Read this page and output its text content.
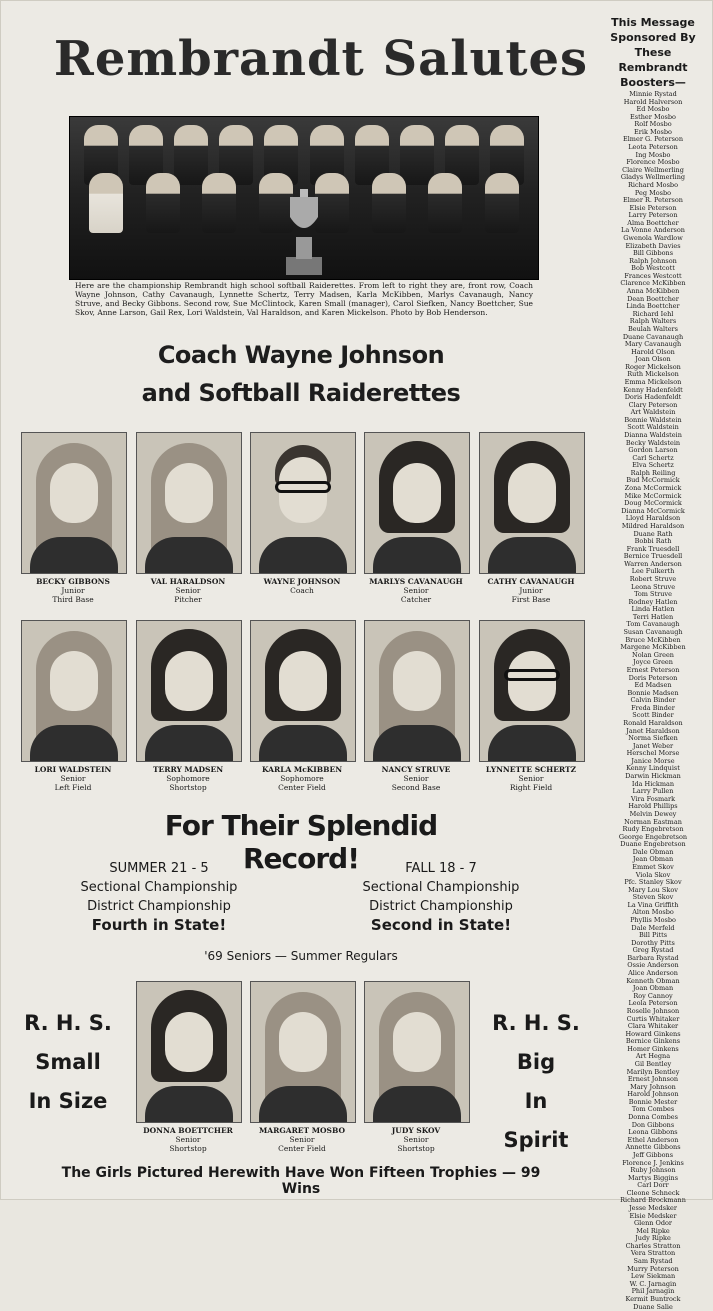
Rembrandt Salutes
Here are the championship Rembrandt high school softball Raiderettes. From left to right they are, front row, Coach Wayne Johnson, Cathy Cavanaugh, Lynnette Schertz, Terry Madsen, Karla McKibben, Marlys Cavanaugh, Nancy Struve, and Becky Gibbons. Second row, Sue McClintock, Karen Small (manager), Carol Siefken, Nancy Boettcher, Sue Skov, Anne Larson, Gail Rex, Lori Waldstein, Val Haraldson, and Karen Mickelson. Photo by Bob Henderson.
Coach Wayne Johnson
and Softball Raiderettes
BECKY GIBBONS
Junior
Third Base
VAL HARALDSON
Senior
Pitcher
WAYNE JOHNSON
Coach
MARLYS CAVANAUGH
Senior
Catcher
CATHY CAVANAUGH
Junior
First Base
LORI WALDSTEIN
Senior
Left Field
TERRY MADSEN
Sophomore
Shortstop
KARLA McKIBBEN
Sophomore
Center Field
NANCY STRUVE
Senior
Second Base
LYNNETTE SCHERTZ
Senior
Right Field
For Their Splendid Record!
SUMMER 21 - 5
Sectional Championship
District Championship
Fourth in State!
FALL 18 - 7
Sectional Championship
District Championship
Second in State!
'69 Seniors — Summer Regulars
R. H. S.
Small
In Size
R. H. S.
Big
In Spirit
DONNA BOETTCHER
Senior
Shortstop
MARGARET MOSBO
Senior
Center Field
JUDY SKOV
Senior
Shortstop
The Girls Pictured Herewith Have Won Fifteen Trophies — 99 Wins
This Message
Sponsored By
These Rembrandt
Boosters—
Minnie Rystad
Harold Halverson
Ed Mosbo
Esther Mosbo
Rolf Mosbo
Erik Mosbo
Elmer G. Peterson
Leota Peterson
Ing Mosbo
Florence Mosbo
Claire Wellmerling
Gladys Wellmerling
Richard Mosbo
Peg Mosbo
Elmer R. Peterson
Elsie Peterson
Larry Peterson
Alma Boettcher
La Vonne Anderson
Gwenola Wardlow
Elizabeth Davies
Bill Gibbons
Ralph Johnson
Bob Westcott
Frances Westcott
Clarence McKibben
Anna McKibben
Dean Boettcher
Linda Boettcher
Richard Iehl
Ralph Walters
Beulah Walters
Duane Cavanaugh
Mary Cavanaugh
Harold Olson
Joan Olson
Roger Mickelson
Ruth Mickelson
Emma Mickelson
Kenny Hadenfeldt
Doris Hadenfeldt
Clary Peterson
Art Waldstein
Bonnie Waldstein
Scott Waldstein
Dianna Waldstein
Becky Waldstein
Gordon Larson
Carl Schertz
Elva Schertz
Ralph Reiling
Bud McCormick
Zona McCormick
Mike McCormick
Doug McCormick
Dianna McCormick
Lloyd Haraldson
Mildred Haraldson
Duane Rath
Bobbi Rath
Frank Truesdell
Bernice Truesdell
Warren Anderson
Lee Fulkerth
Robert Struve
Leona Struve
Tom Struve
Rodney Hatlen
Linda Hatlen
Terri Hatlen
Tom Cavanaugh
Susan Cavanaugh
Bruce McKibben
Margene McKibben
Nolan Green
Joyce Green
Ernest Peterson
Doris Peterson
Ed Madsen
Bonnie Madsen
Calvin Binder
Freda Binder
Scott Binder
Ronald Haraldson
Janet Haraldson
Norma Siefken
Janet Weber
Herschel Morse
Janice Morse
Kenny Lindquist
Darwin Hickman
Ida Hickman
Larry Pullen
Vira Fosmark
Harold Phillips
Melvin Dewey
Norman Eastman
Rudy Engebretson
George Engebretson
Duane Engebretson
Dale Obman
Jean Obman
Emmet Skov
Viola Skov
Pfc. Stanley Skov
Mary Lou Skov
Steven Skov
La Vina Griffith
Alton Mosbo
Phyllis Mosbo
Dale Merfeld
Bill Pitts
Dorothy Pitts
Greg Rystad
Barbara Rystad
Ossie Anderson
Alice Anderson
Kenneth Obman
Joan Obman
Roy Cannoy
Leola Peterson
Roselle Johnson
Curtis Whitaker
Clara Whitaker
Howard Ginkens
Bernice Ginkens
Homer Ginkens
Art Hegna
Gil Bentley
Marilyn Bentley
Ernest Johnson
Mary Johnson
Harold Johnson
Bonnie Mester
Tom Combes
Donna Combes
Don Gibbons
Leona Gibbons
Ethel Anderson
Annette Gibbons
Jeff Gibbons
Florence J. Jenkins
Ruby Johnson
Martys Biggins
Carl Dorr
Cleone Schneck
Richard Brockmann
Jesse Medsker
Elsie Medsker
Glenn Odor
Mel Ripke
Judy Ripke
Charles Stratton
Vera Stratton
Sam Rystad
Murry Peterson
Lew Siekman
W. C. Jarnagin
Phil Jarnagin
Kermit Buntrock
Duane Salie
